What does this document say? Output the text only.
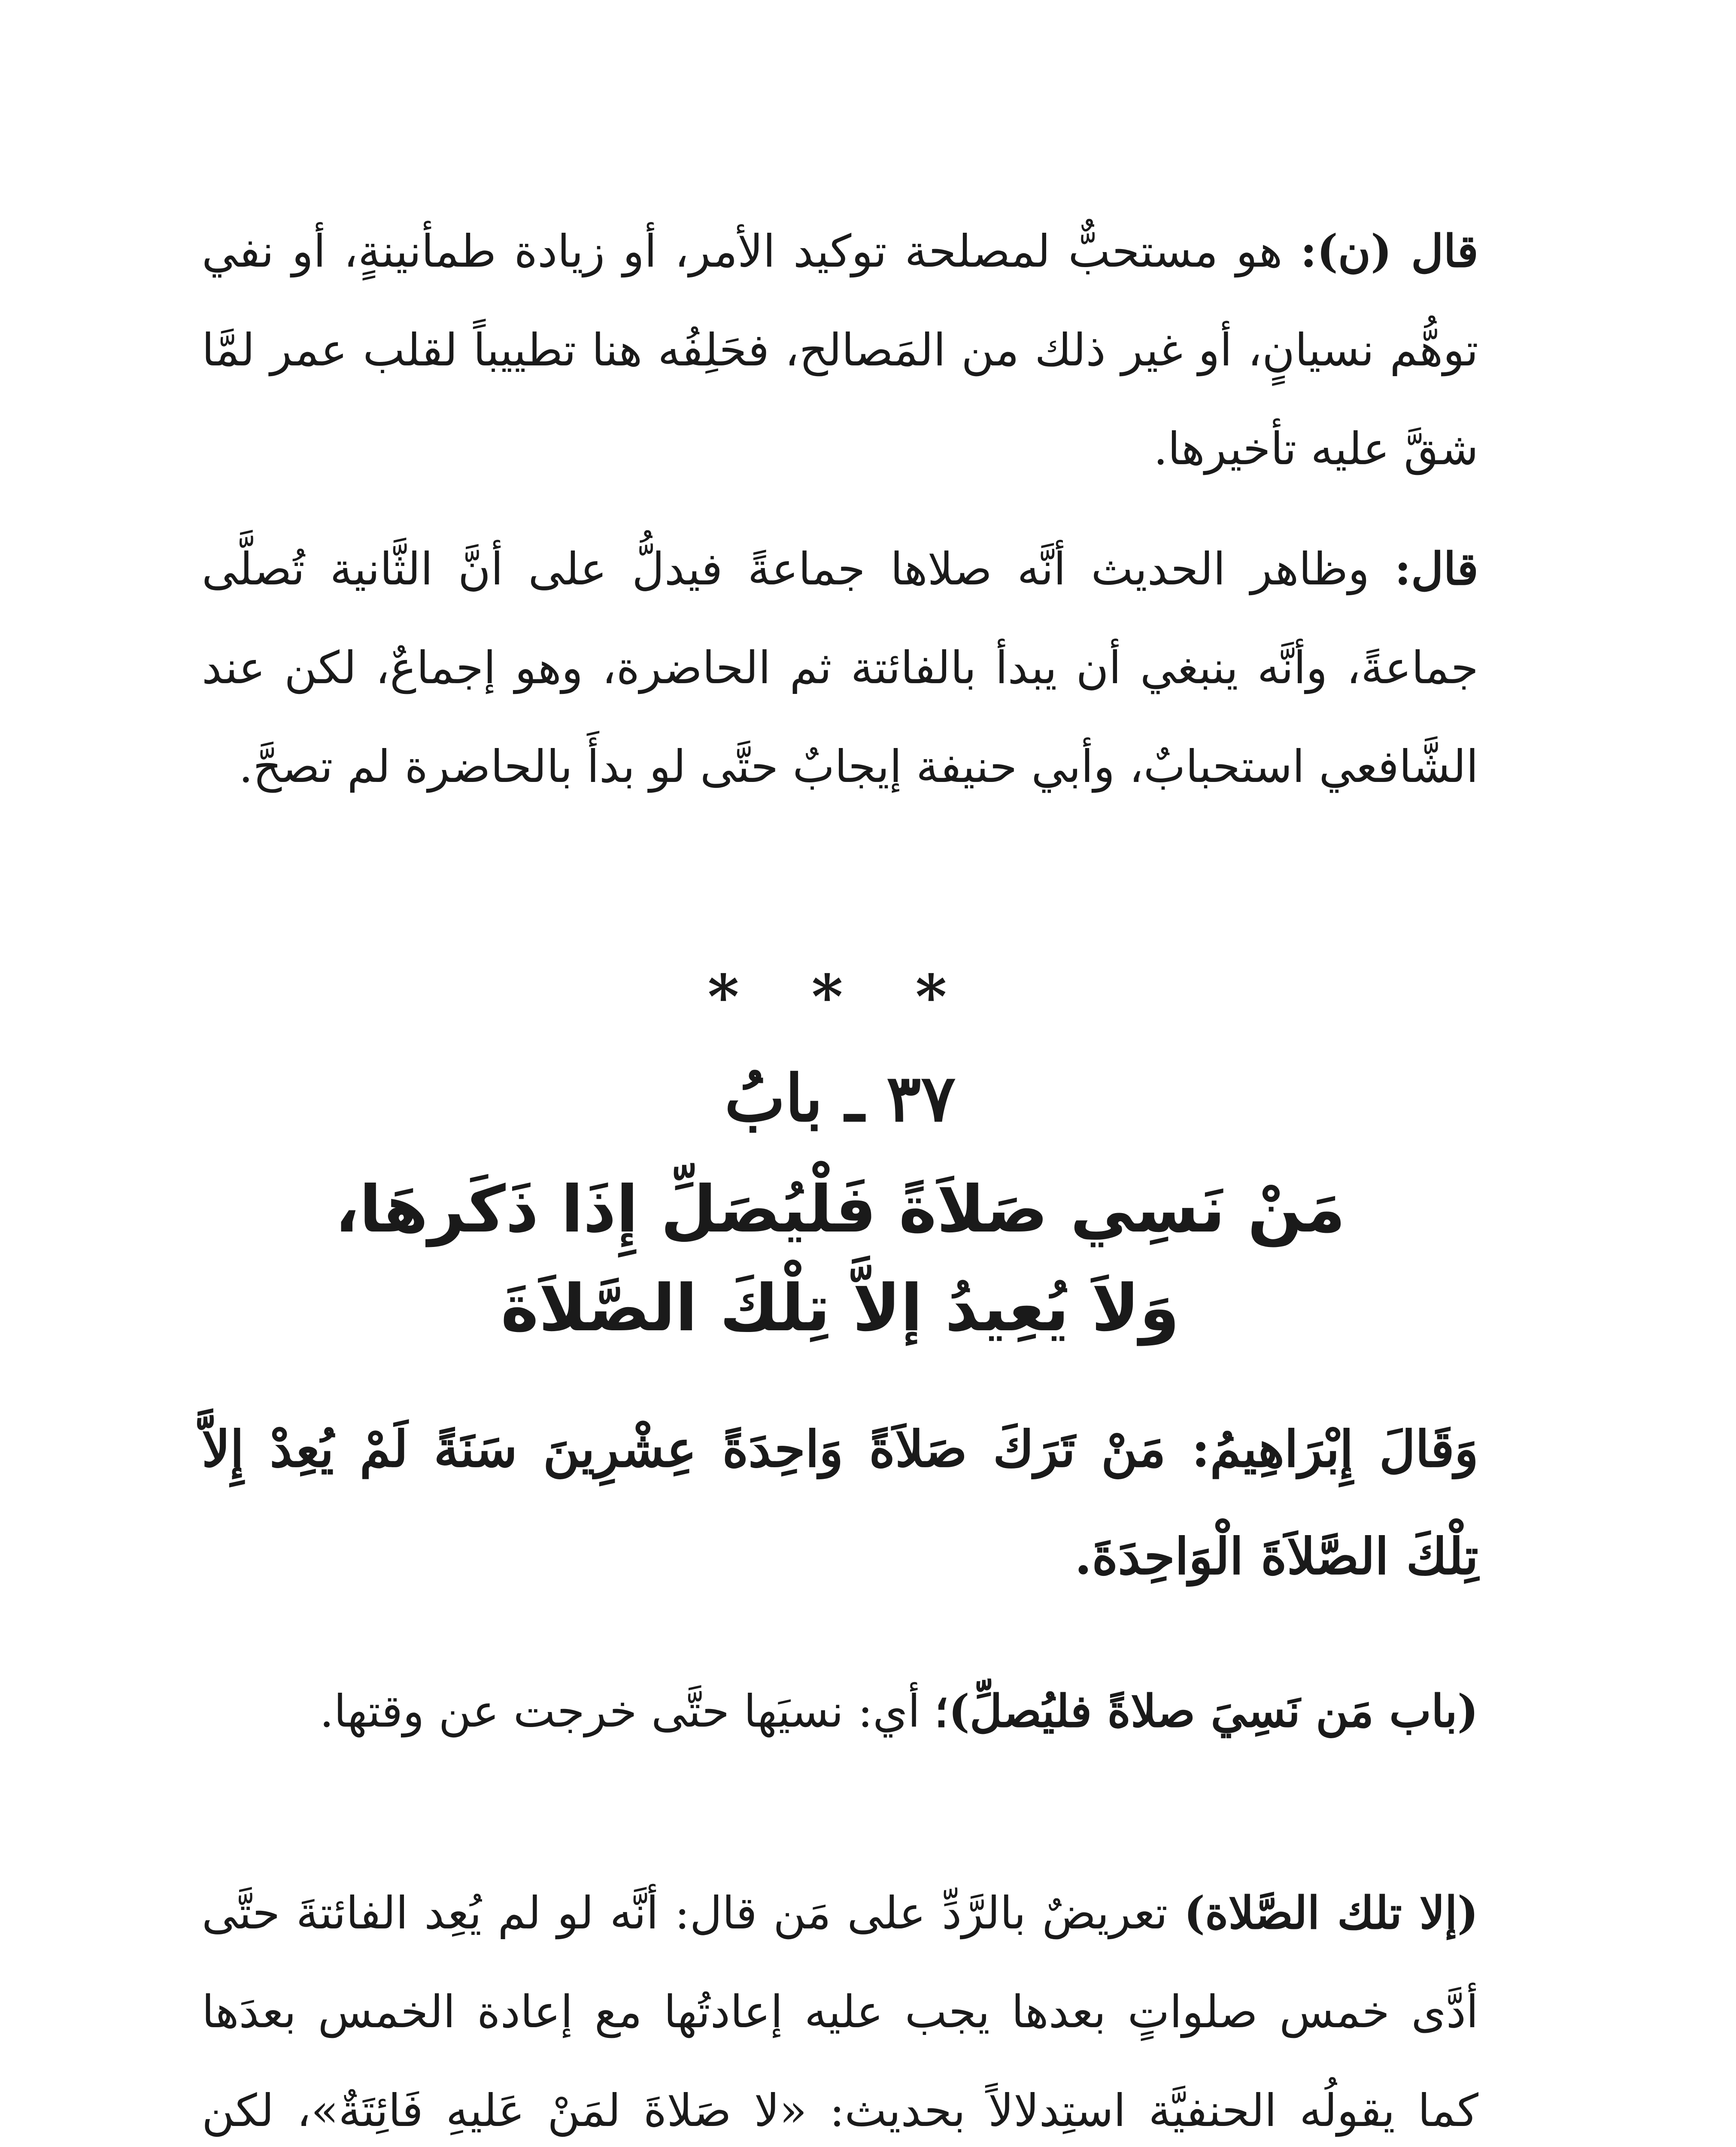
قال (ن): هو مستحبٌّ لمصلحة توكيد الأمر، أو زيادة طمأنينةٍ، أو نفي توهُّم نسيانٍ، أو غير ذلك من المَصالح، فحَلِفُه هنا تطييباً لقلب عمر لمَّا شقَّ عليه تأخيرها.

قال: وظاهر الحديث أنَّه صلاها جماعةً فيدلُّ على أنَّ الثَّانية تُصلَّى جماعةً، وأنَّه ينبغي أن يبدأ بالفائتة ثم الحاضرة، وهو إجماعٌ، لكن عند الشَّافعي استحبابٌ، وأبي حنيفة إيجابٌ حتَّى لو بدأَ بالحاضرة لم تصحَّ.

* * *
٣٧ ـ بابُ
مَنْ نَسِي صَلاَةً فَلْيُصَلِّ إِذَا ذَكَرهَا،
وَلاَ يُعِيدُ إلاَّ تِلْكَ الصَّلاَةَ

وَقَالَ إِبْرَاهِيمُ: مَنْ تَرَكَ صَلاَةً وَاحِدَةً عِشْرِينَ سَنَةً لَمْ يُعِدْ إِلاَّ تِلْكَ الصَّلاَةَ الْوَاحِدَةَ.

(باب مَن نَسِيَ صلاةً فليُصلِّ)؛ أي: نسيَها حتَّى خرجت عن وقتها.

(إلا تلك الصَّلاة) تعريضٌ بالرَّدِّ على مَن قال: أنَّه لو لم يُعِد الفائتةَ حتَّى أدَّى خمس صلواتٍ بعدها يجب عليه إعادتُها مع إعادة الخمس بعدَها كما يقولُه الحنفيَّة استِدلالاً بحديث: «لا صَلاةَ لمَنْ عَليهِ فَائِتَةٌ»، لكن
